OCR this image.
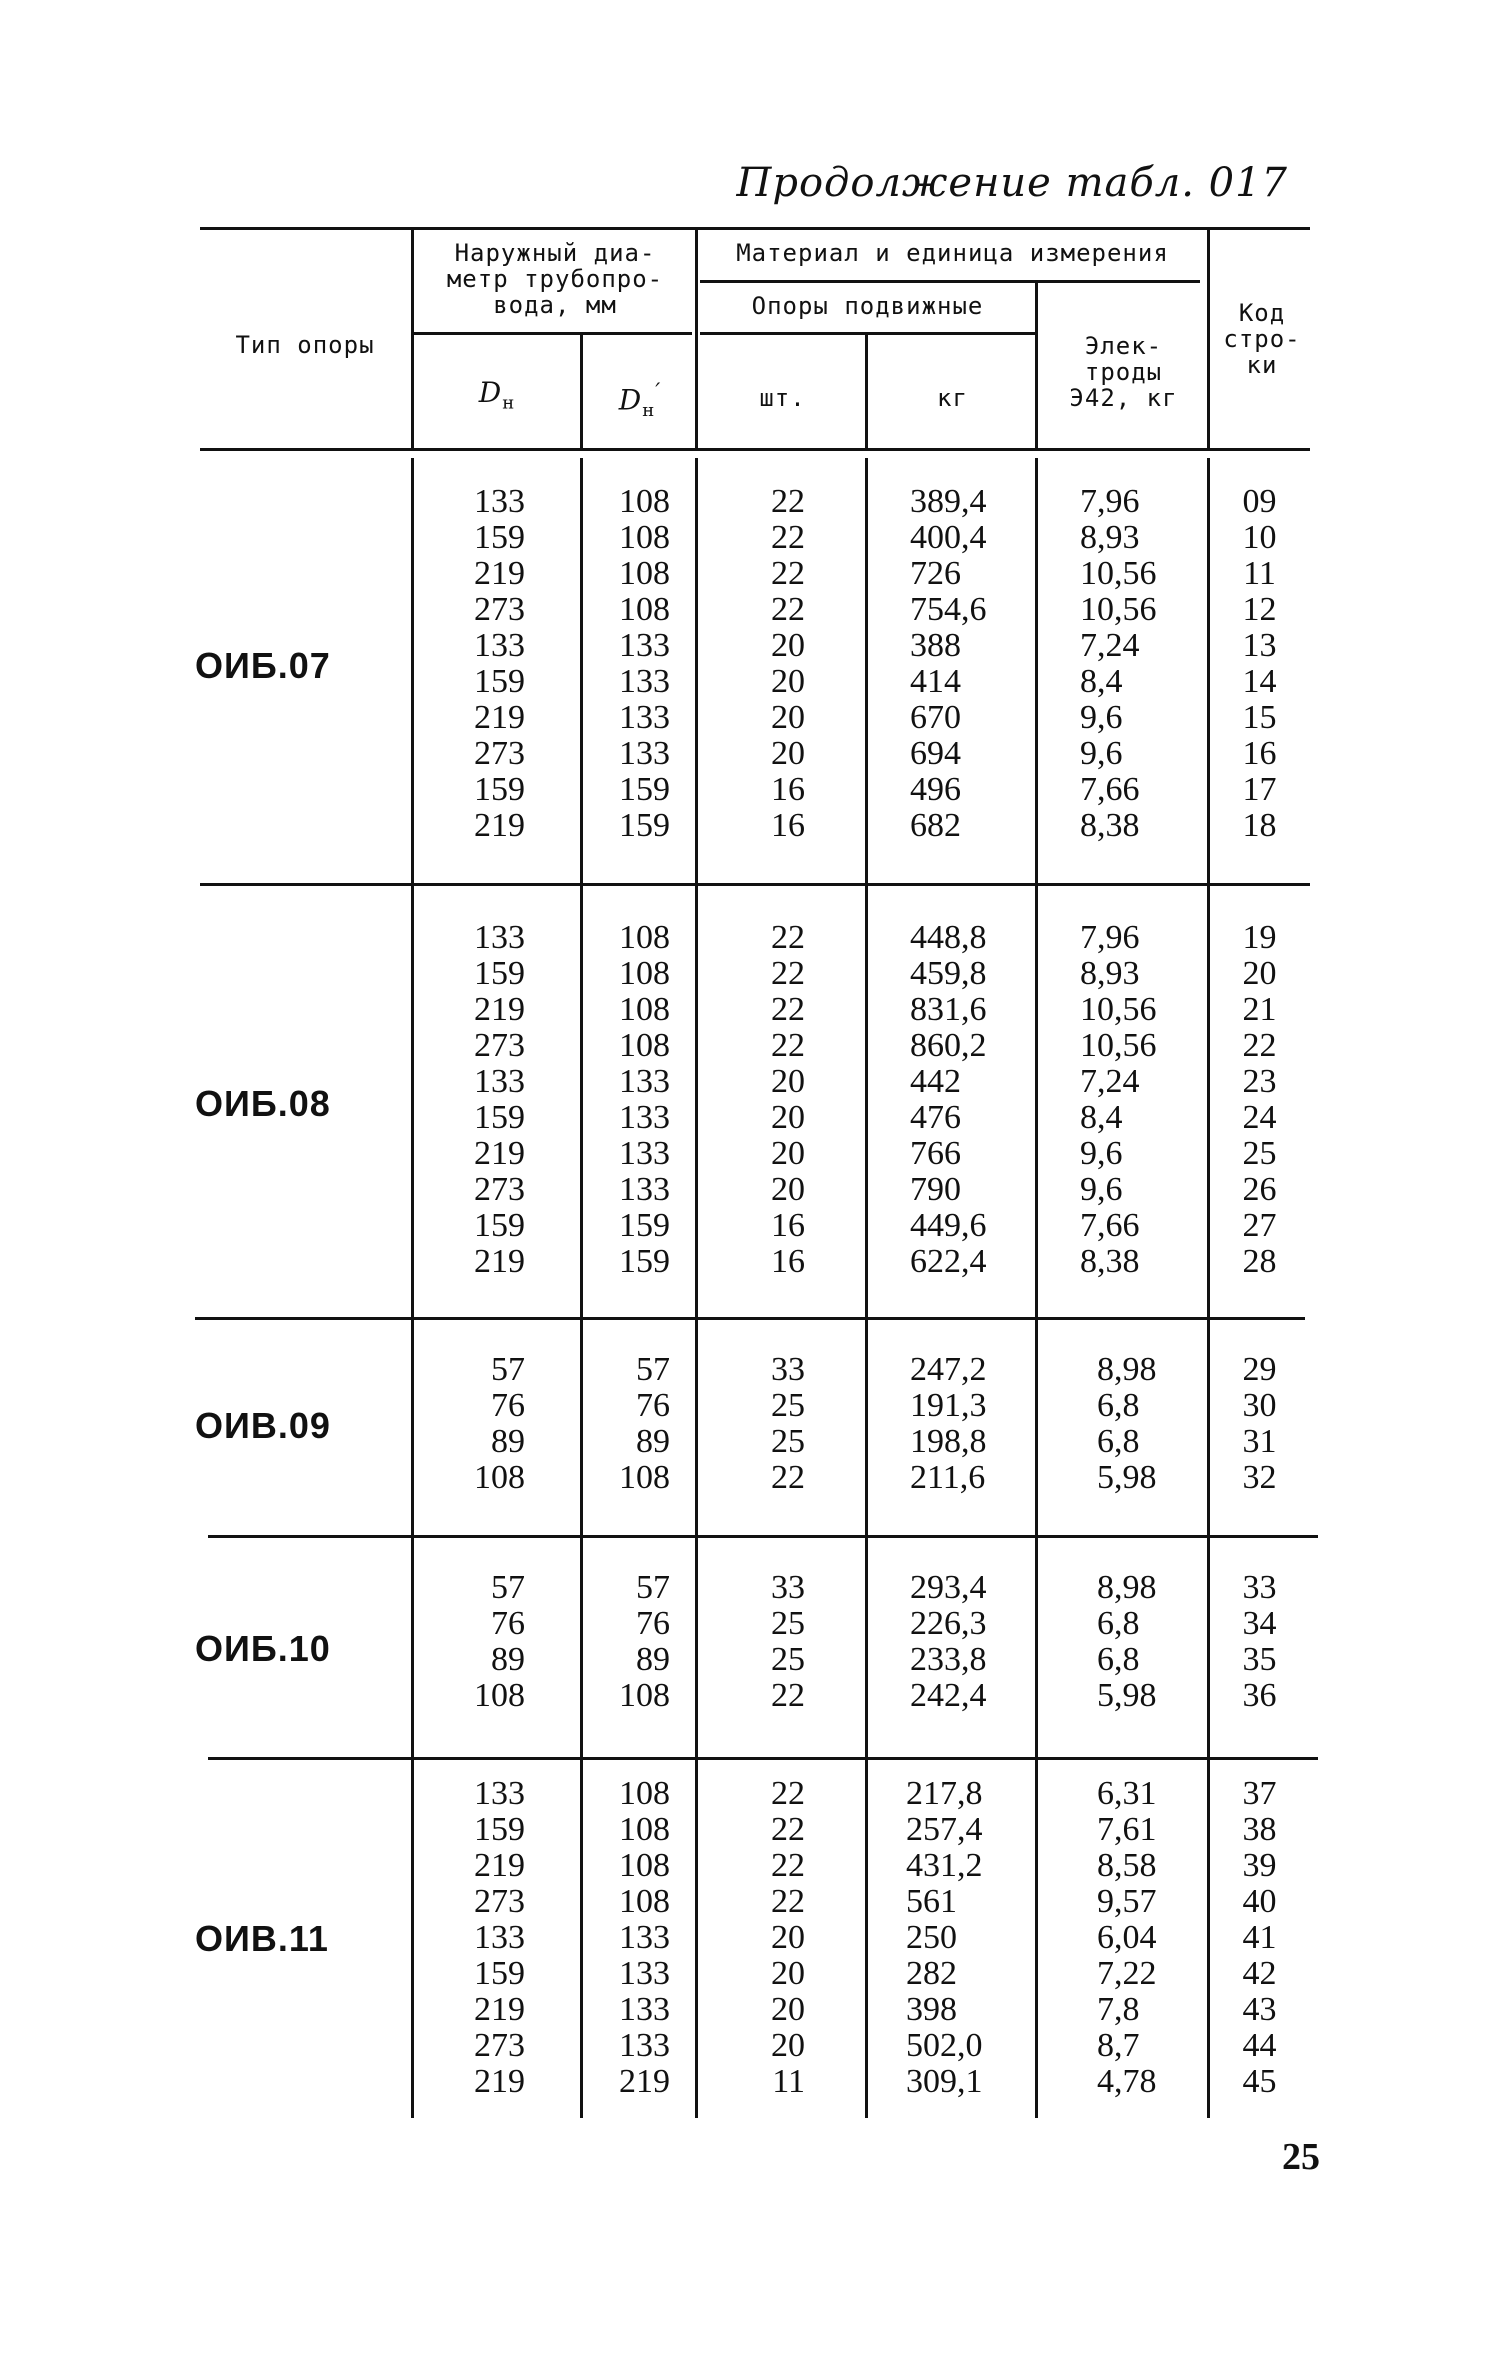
Продолжение табл. 017
Тип опоры
Наружный диа-
метр трубопро-
вода, мм
$D_н$	$D_н'$
Материал и единица измерения
Опоры подвижные
шт.	кг
Элек-
троды
Э42, кг
Код
стро-
ки
ОИБ.07
133
159
219
273
133
159
219
273
159
219
108
108
108
108
133
133
133
133
159
159
22
22
22
22
20
20
20
20
16
16
389,4
400,4
726
754,6
388
414
670
694
496
682
7,96
8,93
10,56
10,56
7,24
8,4
9,6
9,6
7,66
8,38
09
10
11
12
13
14
15
16
17
18
ОИБ.08
133
159
219
273
133
159
219
273
159
219
108
108
108
108
133
133
133
133
159
159
22
22
22
22
20
20
20
20
16
16
448,8
459,8
831,6
860,2
442
476
766
790
449,6
622,4
7,96
8,93
10,56
10,56
7,24
8,4
9,6
9,6
7,66
8,38
19
20
21
22
23
24
25
26
27
28
ОИВ.09
57
76
89
108
57
76
89
108
33
25
25
22
247,2
191,3
198,8
211,6
8,98
6,8
6,8
5,98
29
30
31
32
ОИБ.10
57
76
89
108
57
76
89
108
33
25
25
22
293,4
226,3
233,8
242,4
8,98
6,8
6,8
5,98
33
34
35
36
ОИВ.11
133
159
219
273
133
159
219
273
219
108
108
108
108
133
133
133
133
219
22
22
22
22
20
20
20
20
11
217,8
257,4
431,2
561
250
282
398
502,0
309,1
6,31
7,61
8,58
9,57
6,04
7,22
7,8
8,7
4,78
37
38
39
40
41
42
43
44
45
25
